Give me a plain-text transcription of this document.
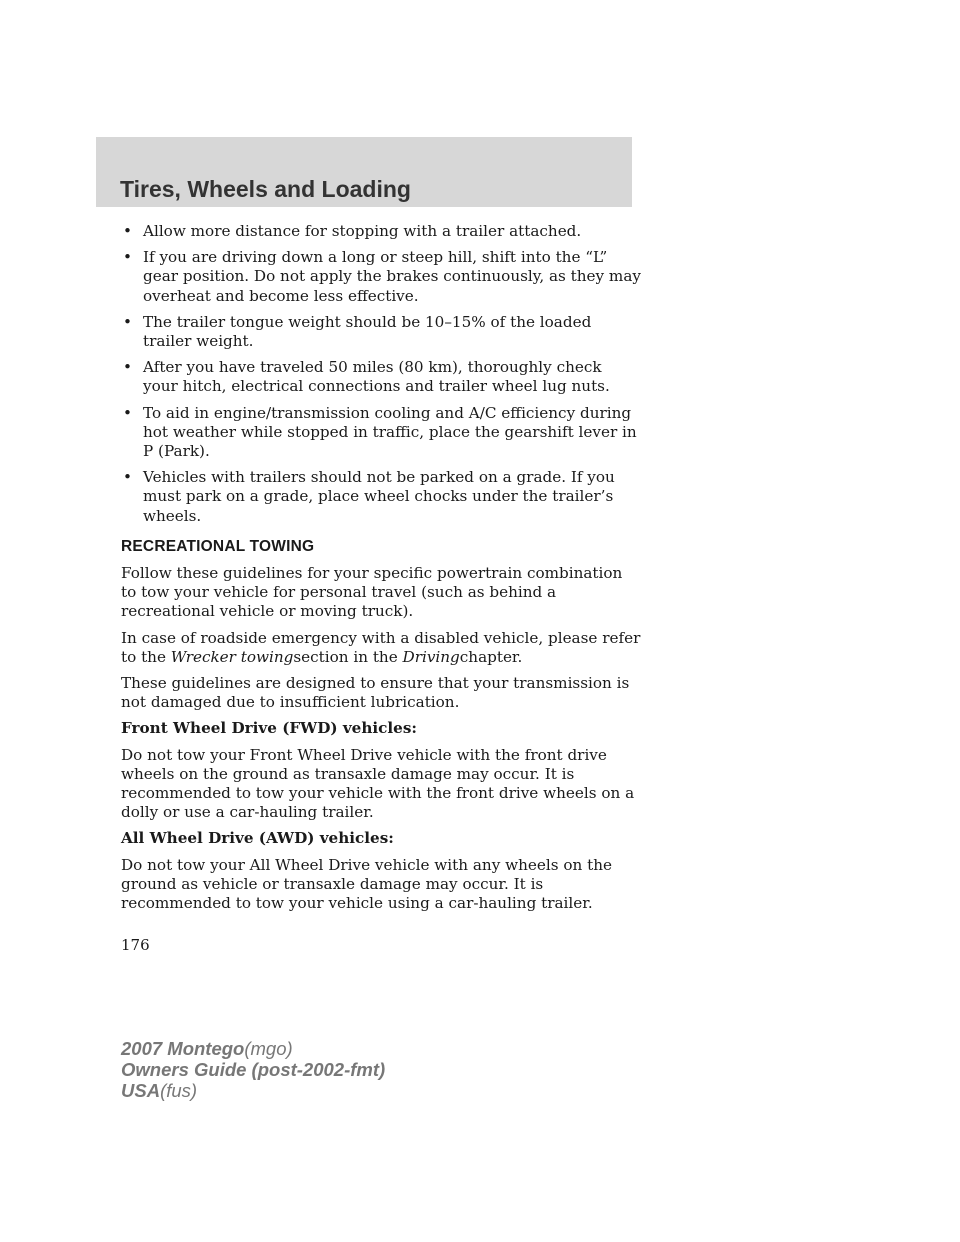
Tires, Wheels and Loading
• Allow more distance for stopping with a trailer attached.
• If you are driving down a long or steep hill, shift into the “L” gear position. Do not apply the brakes continuously, as they may overheat and become less effective.
• The trailer tongue weight should be 10–15% of the loaded trailer weight.
• After you have traveled 50 miles (80 km), thoroughly check your hitch, electrical connections and trailer wheel lug nuts.
• To aid in engine/transmission cooling and A/C efficiency during hot weather while stopped in traffic, place the gearshift lever in P (Park).
• Vehicles with trailers should not be parked on a grade. If you must park on a grade, place wheel chocks under the trailer’s wheels.
RECREATIONAL TOWING

Follow these guidelines for your specific powertrain combination to tow your vehicle for personal travel (such as behind a recreational vehicle or moving truck).

In case of roadside emergency with a disabled vehicle, please refer to the Wrecker towingsection in the Drivingchapter.

These guidelines are designed to ensure that your transmission is not damaged due to insufficient lubrication.

Front Wheel Drive (FWD) vehicles:

Do not tow your Front Wheel Drive vehicle with the front drive wheels on the ground as transaxle damage may occur. It is recommended to tow your vehicle with the front drive wheels on a dolly or use a car-hauling trailer.

All Wheel Drive (AWD) vehicles:

Do not tow your All Wheel Drive vehicle with any wheels on the ground as vehicle or transaxle damage may occur. It is recommended to tow your vehicle using a car-hauling trailer.

176
2007 Montego(mgo)
Owners Guide (post-2002-fmt)
USA(fus)
